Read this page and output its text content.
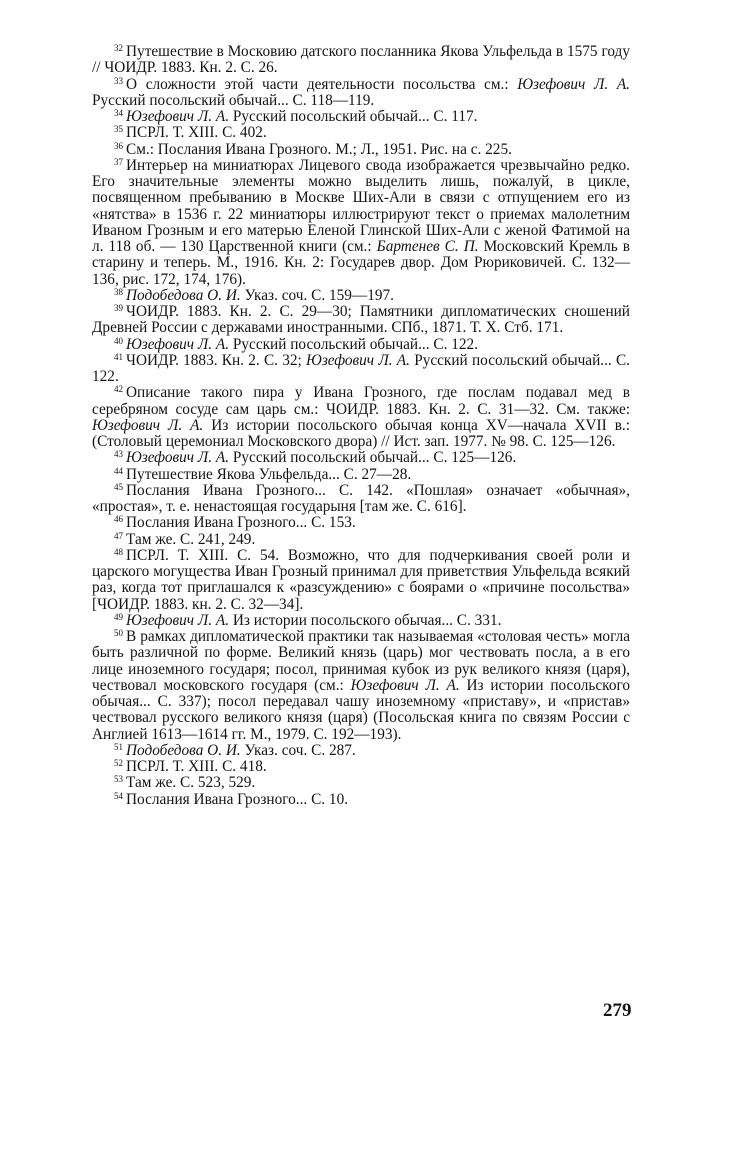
$^{32}$ Путешествие в Московию датского посланника Якова Ульфельда в 1575 году // ЧОИДР. 1883. Кн. 2. С. 26.

$^{33}$ О сложности этой части деятельности посольства см.: Юзефович Л. А. Русский посольский обычай... С. 118—119.

$^{34}$ Юзефович Л. А. Русский посольский обычай... С. 117.

$^{35}$ ПСРЛ. Т. XIII. С. 402.

$^{36}$ См.: Послания Ивана Грозного. М.; Л., 1951. Рис. на с. 225.

$^{37}$ Интерьер на миниатюрах Лицевого свода изображается чрезвычайно редко. Его значительные элементы можно выделить лишь, пожалуй, в цикле, посвященном пребыванию в Москве Ших-Али в связи с отпущением его из «нятства» в 1536 г. 22 миниатюры иллюстрируют текст о приемах малолетним Иваном Грозным и его матерью Еленой Глинской Ших-Али с женой Фатимой на л. 118 об. — 130 Царственной книги (см.: Бартенев С. П. Московский Кремль в старину и теперь. М., 1916. Кн. 2: Государев двор. Дом Рюриковичей. С. 132—136, рис. 172, 174, 176).

$^{38}$ Подобедова О. И. Указ. соч. С. 159—197.

$^{39}$ ЧОИДР. 1883. Кн. 2. С. 29—30; Памятники дипломатических сношений Древней России с державами иностранными. СПб., 1871. Т. X. Стб. 171.

$^{40}$ Юзефович Л. А. Русский посольский обычай... С. 122.

$^{41}$ ЧОИДР. 1883. Кн. 2. С. 32; Юзефович Л. А. Русский посольский обычай... С. 122.

$^{42}$ Описание такого пира у Ивана Грозного, где послам подавал мед в серебряном сосуде сам царь см.: ЧОИДР. 1883. Кн. 2. С. 31—32. См. также: Юзефович Л. А. Из истории посольского обычая конца XV—начала XVII в.: (Столовый церемониал Московского двора) // Ист. зап. 1977. № 98. С. 125—126.

$^{43}$ Юзефович Л. А. Русский посольский обычай... С. 125—126.

$^{44}$ Путешествие Якова Ульфельда... С. 27—28.

$^{45}$ Послания Ивана Грозного... С. 142. «Пошлая» означает «обычная», «простая», т. е. ненастоящая государыня [там же. С. 616].

$^{46}$ Послания Ивана Грозного... С. 153.

$^{47}$ Там же. С. 241, 249.

$^{48}$ ПСРЛ. Т. XIII. С. 54. Возможно, что для подчеркивания своей роли и царского могущества Иван Грозный принимал для приветствия Ульфельда всякий раз, когда тот приглашался к «разсуждению» с боярами о «причине посольства» [ЧОИДР. 1883. кн. 2. С. 32—34].

$^{49}$ Юзефович Л. А. Из истории посольского обычая... С. 331.

$^{50}$ В рамках дипломатической практики так называемая «столовая честь» могла быть различной по форме. Великий князь (царь) мог чествовать посла, а в его лице иноземного государя; посол, принимая кубок из рук великого князя (царя), чествовал московского государя (см.: Юзефович Л. А. Из истории посольского обычая... С. 337); посол передавал чашу иноземному «приставу», и «пристав» чествовал русского великого князя (царя) (Посольская книга по связям России с Англией 1613—1614 гг. М., 1979. С. 192—193).

$^{51}$ Подобедова О. И. Указ. соч. С. 287.

$^{52}$ ПСРЛ. Т. XIII. С. 418.

$^{53}$ Там же. С. 523, 529.

$^{54}$ Послания Ивана Грозного... С. 10.

279
